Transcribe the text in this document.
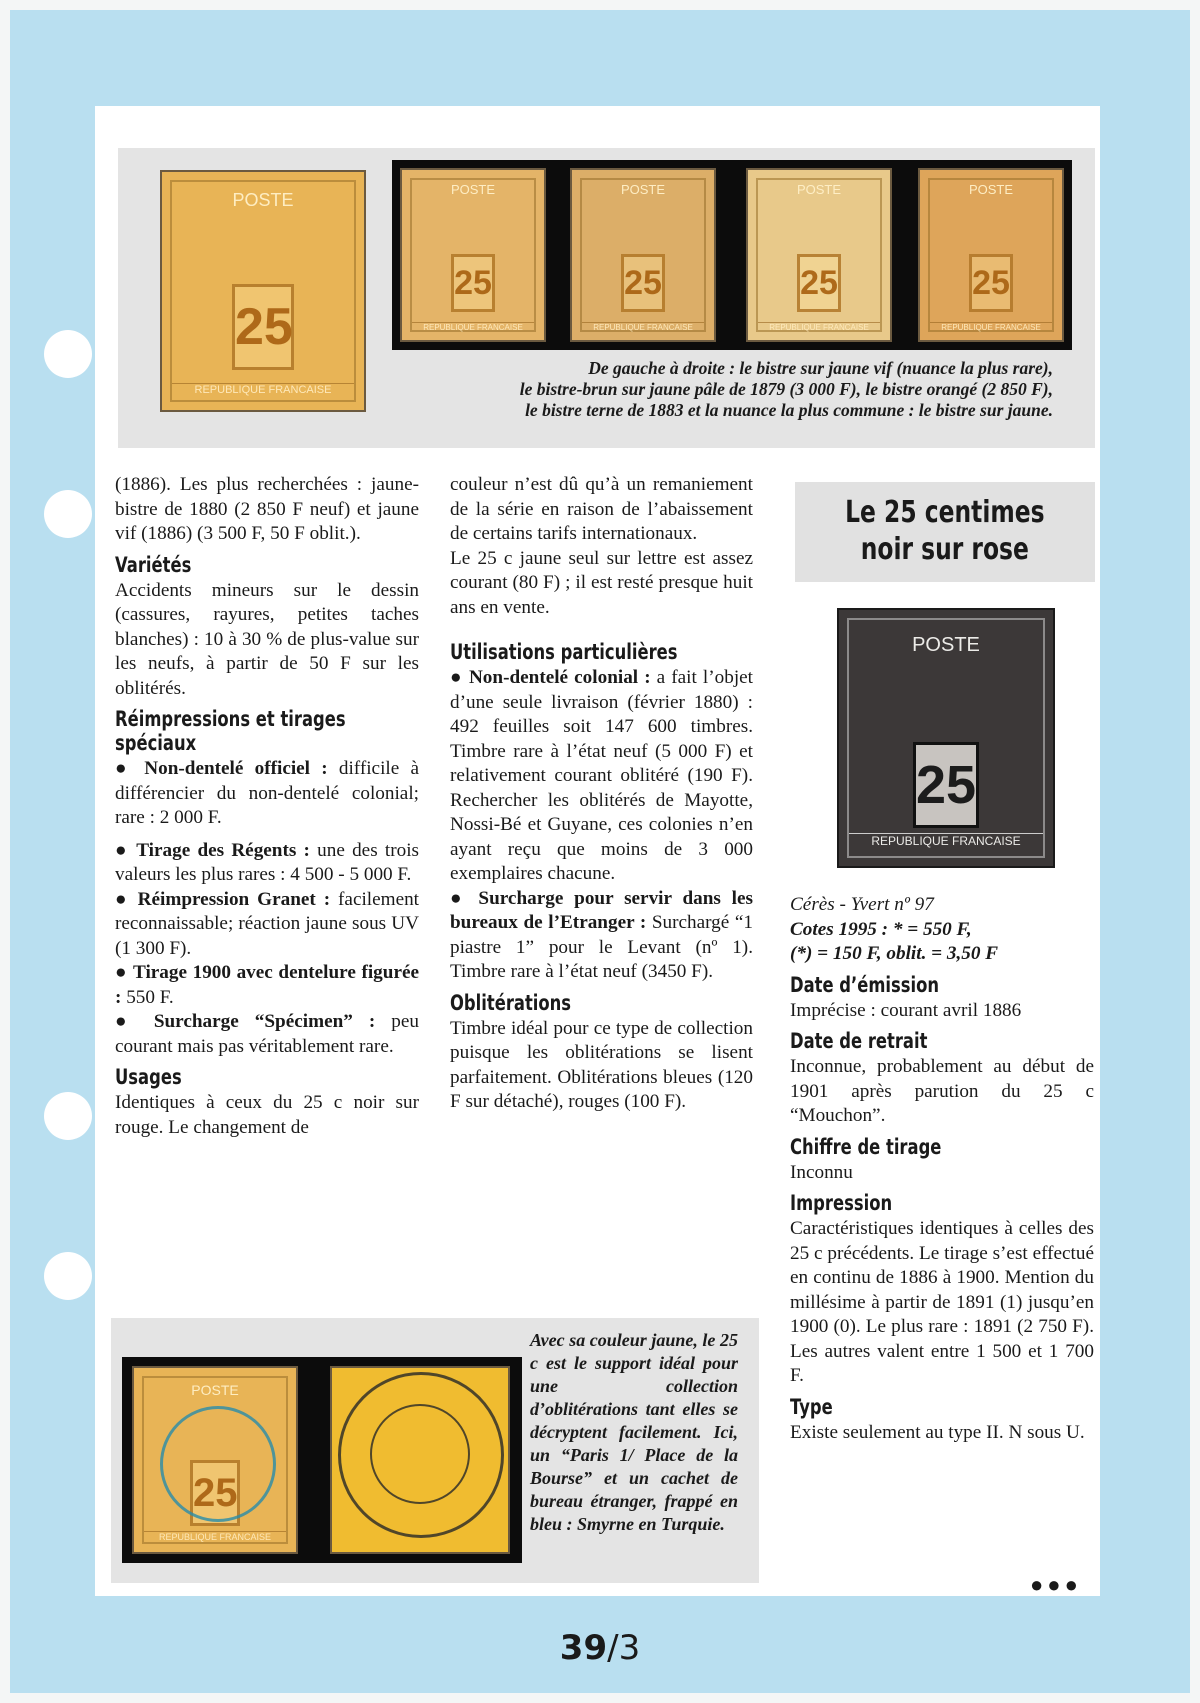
POSTE
25
REPUBLIQUE FRANCAISE
POSTE
25
REPUBLIQUE FRANCAISE
POSTE
25
REPUBLIQUE FRANCAISE
POSTE
25
REPUBLIQUE FRANCAISE
POSTE
25
REPUBLIQUE FRANCAISE
De gauche à droite : le bistre sur jaune vif (nuance la plus rare),
le bistre-brun sur jaune pâle de 1879 (3 000 F), le bistre orangé (2 850 F),
le bistre terne de 1883 et la nuance la plus commune : le bistre sur jaune.

(1886). Les plus recherchées : jaune-bistre de 1880 (2 850 F neuf) et jaune vif (1886) (3 500 F, 50 F oblit.).

Variétés

Accidents mineurs sur le dessin (cassures, rayures, petites taches blanches) : 10 à 30 % de plus-value sur les neufs, à partir de 50 F sur les oblitérés.

Réimpressions et tirages spéciaux

● Non-dentelé officiel : difficile à différencier du non-dentelé colonial; rare : 2 000 F.

● Tirage des Régents : une des trois valeurs les plus rares : 4 500 - 5 000 F.

● Réimpression Granet : facilement reconnaissable; réaction jaune sous UV (1 300 F).

● Tirage 1900 avec dentelure figurée : 550 F.

● Surcharge “Spécimen” : peu courant mais pas véritablement rare.

Usages

Identiques à ceux du 25 c noir sur rouge. Le changement de

couleur n’est dû qu’à un remaniement de la série en raison de l’abaissement de certains tarifs internationaux.

Le 25 c jaune seul sur lettre est assez courant (80 F) ; il est resté presque huit ans en vente.

Utilisations particulières

● Non-dentelé colonial : a fait l’objet d’une seule livraison (février 1880) : 492 feuilles soit 147 600 timbres. Timbre rare à l’état neuf (5 000 F) et relativement courant oblitéré (190 F). Rechercher les oblitérés de Mayotte, Nossi-Bé et Guyane, ces colonies n’en ayant reçu que moins de 3 000 exemplaires chacune.

● Surcharge pour servir dans les bureaux de l’Etranger : Surchargé “1 piastre 1” pour le Levant (nº 1). Timbre rare à l’état neuf (3450 F).

Oblitérations

Timbre idéal pour ce type de collection puisque les oblitérations se lisent parfaitement. Oblitérations bleues (120 F sur détaché), rouges (100 F).

POSTE
25
REPUBLIQUE FRANCAISE
Avec sa couleur jaune, le 25 c est le support idéal pour une collection d’oblitérations tant elles se décryptent facilement. Ici, un “Paris 1/ Place de la Bourse” et un cachet de bureau étranger, frappé en bleu : Smyrne en Turquie.
Le 25 centimes
noir sur rose
POSTE
25
REPUBLIQUE FRANCAISE

Cérès - Yvert nº 97

Cotes 1995 : * = 550 F,

(*) = 150 F, oblit. = 3,50 F

Date d’émission

Imprécise : courant avril 1886

Date de retrait

Inconnue, probablement au début de 1901 après parution du 25 c “Mouchon”.

Chiffre de tirage

Inconnu

Impression

Caractéristiques identiques à celles des 25 c précédents. Le tirage s’est effectué en continu de 1886 à 1900. Mention du millésime à partir de 1891 (1) jusqu’en 1900 (0). Le plus rare : 1891 (2 750 F). Les autres valent entre 1 500 et 1 700 F.

Type

Existe seulement au type II. N sous U.

●●●
39/3
